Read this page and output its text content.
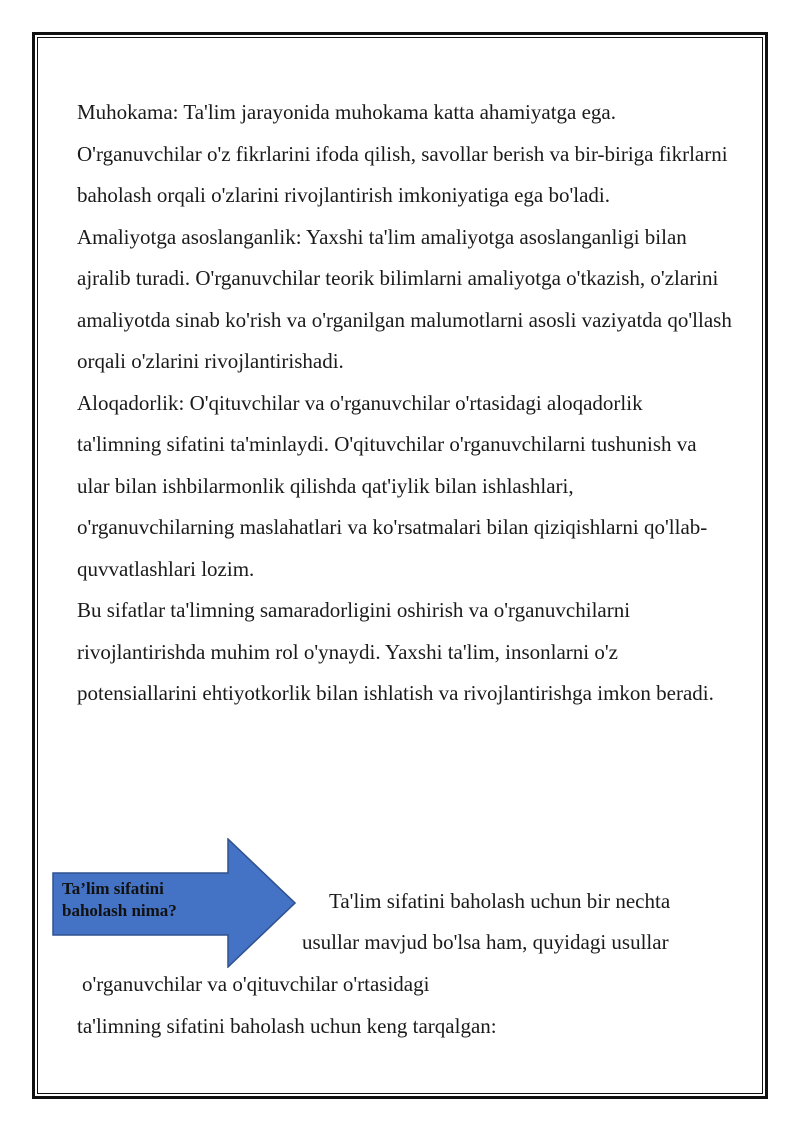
Muhokama: Ta'lim jarayonida muhokama katta ahamiyatga ega. O'rganuvchilar o'z fikrlarini ifoda qilish, savollar berish va bir-biriga fikrlarni baholash orqali o'zlarini rivojlantirish imkoniyatiga ega bo'ladi.

Amaliyotga asoslanganlik: Yaxshi ta'lim amaliyotga asoslanganligi bilan ajralib turadi. O'rganuvchilar teorik bilimlarni amaliyotga o'tkazish, o'zlarini amaliyotda sinab ko'rish va o'rganilgan malumotlarni asosli vaziyatda qo'llash orqali o'zlarini rivojlantirishadi.

Aloqadorlik: O'qituvchilar va o'rganuvchilar o'rtasidagi aloqadorlik ta'limning sifatini ta'minlaydi. O'qituvchilar o'rganuvchilarni tushunish va ular bilan ishbilarmonlik qilishda qat'iylik bilan ishlashlari, o'rganuvchilarning maslahatlari va ko'rsatmalari bilan qiziqishlarni qo'llab-quvvatlashlari lozim.

Bu sifatlar ta'limning samaradorligini oshirish va o'rganuvchilarni rivojlantirishda muhim rol o'ynaydi. Yaxshi ta'lim, insonlarni o'z potensiallarini ehtiyotkorlik bilan ishlatish va rivojlantirishga imkon beradi.

Ta’lim sifatini baholash nima?	Ta'lim sifatini baholash uchun bir nechta
usullar mavjud bo'lsa ham, quyidagi usullar
o'rganuvchilar va o'qituvchilar o'rtasidagi
ta'limning sifatini baholash uchun keng tarqalgan:
